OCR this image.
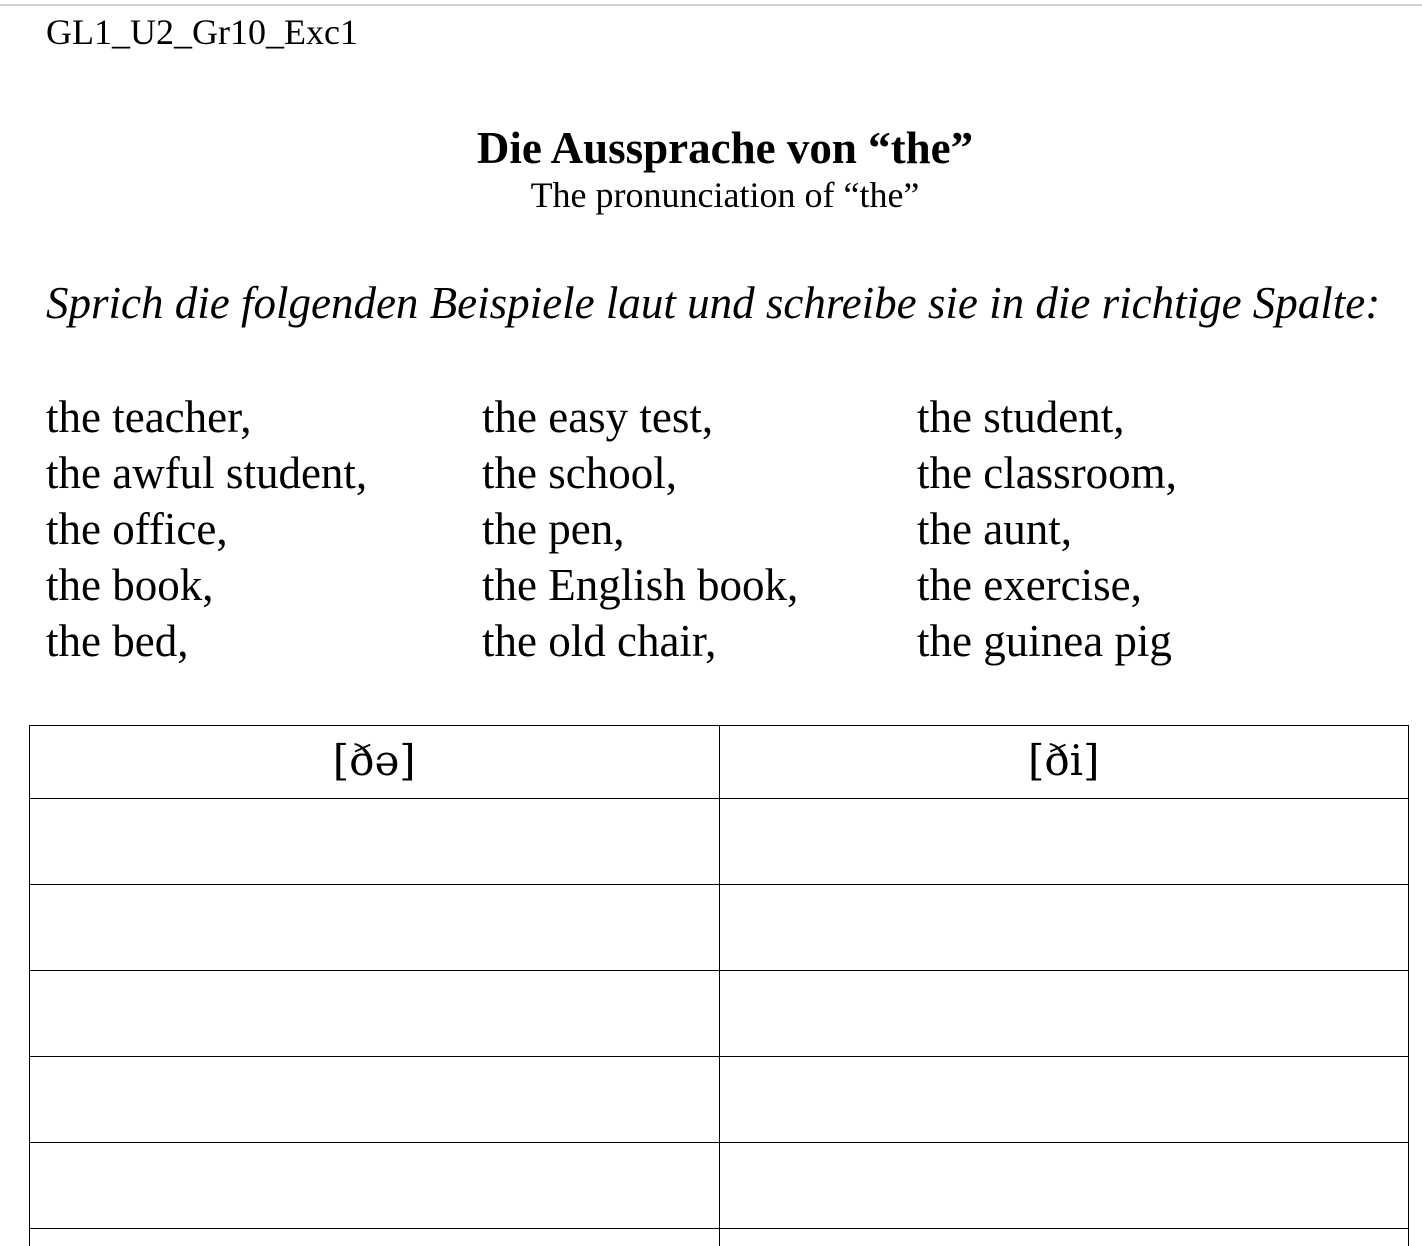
GL1_U2_Gr10_Exc1
Die Aussprache von “the”
The pronunciation of “the”
Sprich die folgenden Beispiele laut und schreibe sie in die richtige Spalte:
the teacher,	the easy test,	the student,
the awful student,	the school,	the classroom,
the office,	the pen,	the aunt,
the book,	the English book,	the exercise,
the bed,	the old chair,	the guinea pig
[ðə]	[ði]
